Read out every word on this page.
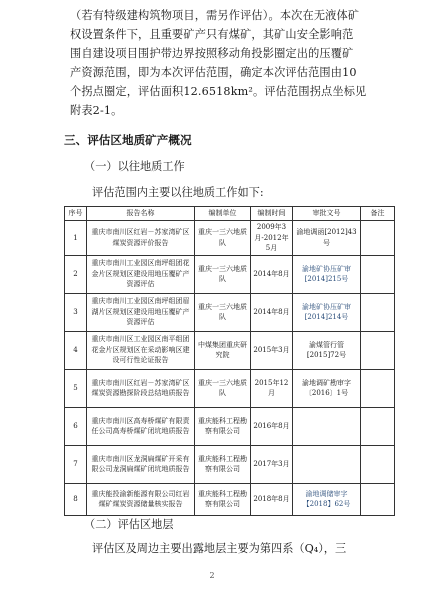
（若有特级建构筑物项目，需另作评估）。本次在无液体矿
权设置条件下，且重要矿产只有煤矿，其矿山安全影响范
围自建设项目围护带边界按照移动角投影圈定出的压覆矿
产资源范围，即为本次评估范围，确定本次评估范围由10
个拐点圈定，评估面积12.6518km²。评估范围拐点坐标见
附表2-1。
三、评估区地质矿产概况
（一）以往地质工作
评估范围内主要以往地质工作如下:
序号	报告名称	编制单位	编制时间	审批文号	备注
1	重庆市南川区红岩－苏家湾矿区煤炭资源评价报告	重庆一三六地质队	2009年3月-2012年5月	渝地调函[2012]43号	
2	重庆市南川工业园区南坪组团花金片区规划区建设用地压覆矿产资源评估	重庆一三六地质队	2014年8月	渝地矿协压矿审[2014]215号	
3	重庆市南川工业园区南坪组团眉湖片区规划区建设用地压覆矿产资源评估	重庆一三六地质队	2014年8月	渝地矿协压矿审[2014]214号	
4	重庆市南川区工业园区南平组团花金片区规划区在采动影响区建设可行性论证报告	中煤集团重庆研究院	2015年3月	渝煤管行管[2015]72号	
5	重庆市南川区红岩－苏家湾矿区煤炭资源勘探阶段总结地质报告	重庆一三六地质队	2015年12月	渝地调矿勘审字〔2016〕1号	
6	重庆市南川区高寿桥煤矿有限责任公司高寿桥煤矿闭坑地质报告	重庆能科工程勘察有限公司	2016年8月		
7	重庆市南川区龙洞扁煤矿开采有限公司龙洞扁煤矿闭坑地质报告	重庆能科工程勘察有限公司	2017年3月		
8	重庆能投渝新能源有限公司红岩煤矿煤炭资源储量核实报告	重庆能科工程勘察有限公司	2018年8月	渝地调储审字【2018】62号	
（二）评估区地层
评估区及周边主要出露地层主要为第四系（Q₄），三
2
